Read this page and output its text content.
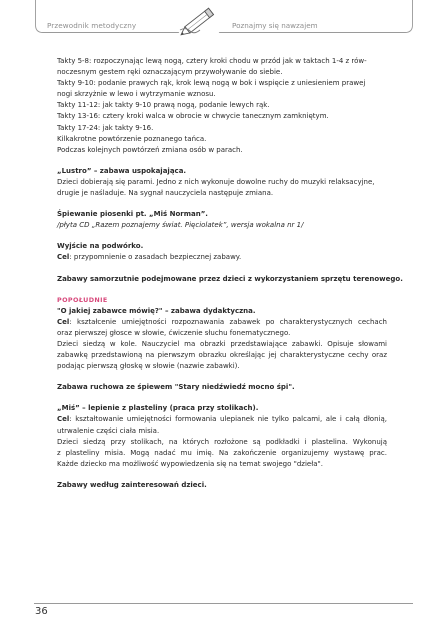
Przewodnik metodyczny	Poznajmy się nawzajem
Takty 5-8: rozpoczynając lewą nogą, cztery kroki chodu w przód jak w taktach 1-4 z rów-
noczesnym gestem ręki oznaczającym przywoływanie do siebie.
Takty 9-10: podanie prawych rąk, krok lewą nogą w bok i wspięcie z uniesieniem prawej
nogi skrzyżnie w lewo i wytrzymanie wznosu.
Takty 11-12: jak takty 9-10 prawą nogą, podanie lewych rąk.
Takty 13-16: cztery kroki walca w obrocie w chwycie tanecznym zamkniętym.
Takty 17-24: jak takty 9-16.
Kilkakrotne powtórzenie poznanego tańca.
Podczas kolejnych powtórzeń zmiana osób w parach.
„Lustro” – zabawa uspokajająca.
Dzieci dobierają się parami. Jedno z nich wykonuje dowolne ruchy do muzyki relaksacyjne,
drugie je naśladuje. Na sygnał nauczyciela następuje zmiana.
Śpiewanie piosenki pt. „Miś Norman”.
/płyta CD „Razem poznajemy świat. Pięciolatek”, wersja wokalna nr 1/
Wyjście na podwórko.
Cel: przypomnienie o zasadach bezpiecznej zabawy.
Zabawy samorzutnie podejmowane przez dzieci z wykorzystaniem sprzętu terenowego.
POPOŁUDNIE
"O jakiej zabawce mówię?" – zabawa dydaktyczna.
Cel: kształcenie umiejętności rozpoznawania zabawek po charakterystycznych cechach
oraz pierwszej głosce w słowie, ćwiczenie słuchu fonematycznego.
Dzieci siedzą w kole. Nauczyciel ma obrazki przedstawiające zabawki. Opisuje słowami
zabawkę przedstawioną na pierwszym obrazku określając jej charakterystyczne cechy oraz
podając pierwszą głoskę w słowie (nazwie zabawki).
Zabawa ruchowa ze śpiewem "Stary niedźwiedź mocno śpi".
„Miś” – lepienie z plasteliny (praca przy stolikach).
Cel: kształtowanie umiejętności formowania ulepianek nie tylko palcami, ale i całą dłonią,
utrwalenie części ciała misia.
Dzieci siedzą przy stolikach, na których rozłożone są podkładki i plastelina. Wykonują
z plasteliny misia. Mogą nadać mu imię. Na zakończenie organizujemy wystawę prac.
Każde dziecko ma możliwość wypowiedzenia się na temat swojego "dzieła".
Zabawy według zainteresowań dzieci.
36
